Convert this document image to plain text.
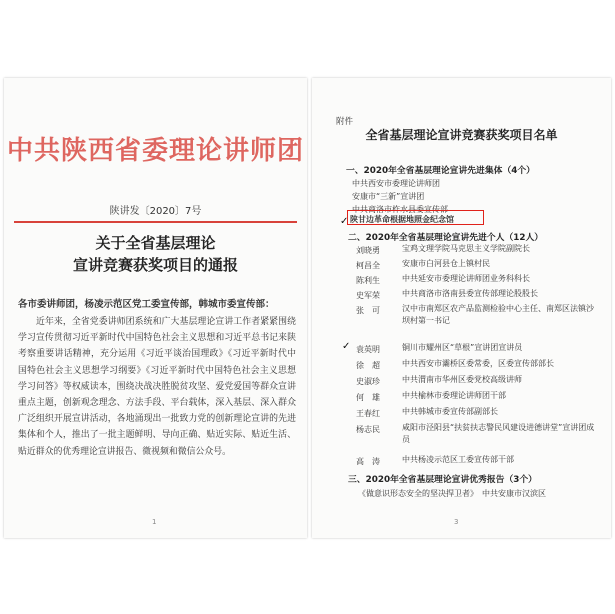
中共陕西省委理论讲师团
陕讲发〔2020〕7号
关于全省基层理论
宣讲竞赛获奖项目的通报
各市委讲师团，杨凌示范区党工委宣传部，韩城市委宣传部：
近年来，全省党委讲师团系统和广大基层理论宣讲工作者紧紧围绕学习宣传贯彻习近平新时代中国特色社会主义思想和习近平总书记来陕考察重要讲话精神，充分运用《习近平谈治国理政》《习近平新时代中国特色社会主义思想学习纲要》《习近平新时代中国特色社会主义思想学习问答》等权威读本，围绕决战决胜脱贫攻坚、爱党爱国等群众宣讲重点主题，创新观念理念、方法手段、平台载体，深入基层、深入群众广泛组织开展宣讲活动，各地涌现出一批致力党的创新理论宣讲的先进集体和个人，推出了一批主题鲜明、导向正确、贴近实际、贴近生活、贴近群众的优秀理论宣讲报告、微视频和微信公众号。
1
附件
全省基层理论宣讲竞赛获奖项目名单
一、2020年全省基层理论宣讲先进集体（4个）
中共西安市委理论讲师团
安康市“三新”宣讲团
中共商洛市柞水县委宣传部
✓ 陕甘边革命根据地照金纪念馆
二、2020年全省基层理论宣讲先进个人（12人）
刘晓勇	宝鸡文理学院马克思主义学院副院长
柯昌全	安康市白河县仓上镇村民
陈利生	中共延安市委理论讲师团业务科科长
史军荣	中共商洛市洛南县委宣传部理论股股长
张　可	汉中市南郑区农产品监测检验中心主任、南郑区法镇沙坝村第一书记
✓ 袁英明	铜川市耀州区“草根”宣讲团宣讲员
徐　超	中共西安市灞桥区委常委，区委宣传部部长
史淑珍	中共渭南市华州区委党校高级讲师
何　雄	中共榆林市委理论讲师团干部
王春红	中共韩城市委宣传部副部长
杨志民	咸阳市泾阳县“扶贫扶志警民风建设进德讲堂”宣讲团成员
高　涛	中共杨凌示范区工委宣传部干部
三、2020年全省基层理论宣讲优秀报告（3个）
《做意识形态安全的坚决捍卫者》　中共安康市汉滨区
3
